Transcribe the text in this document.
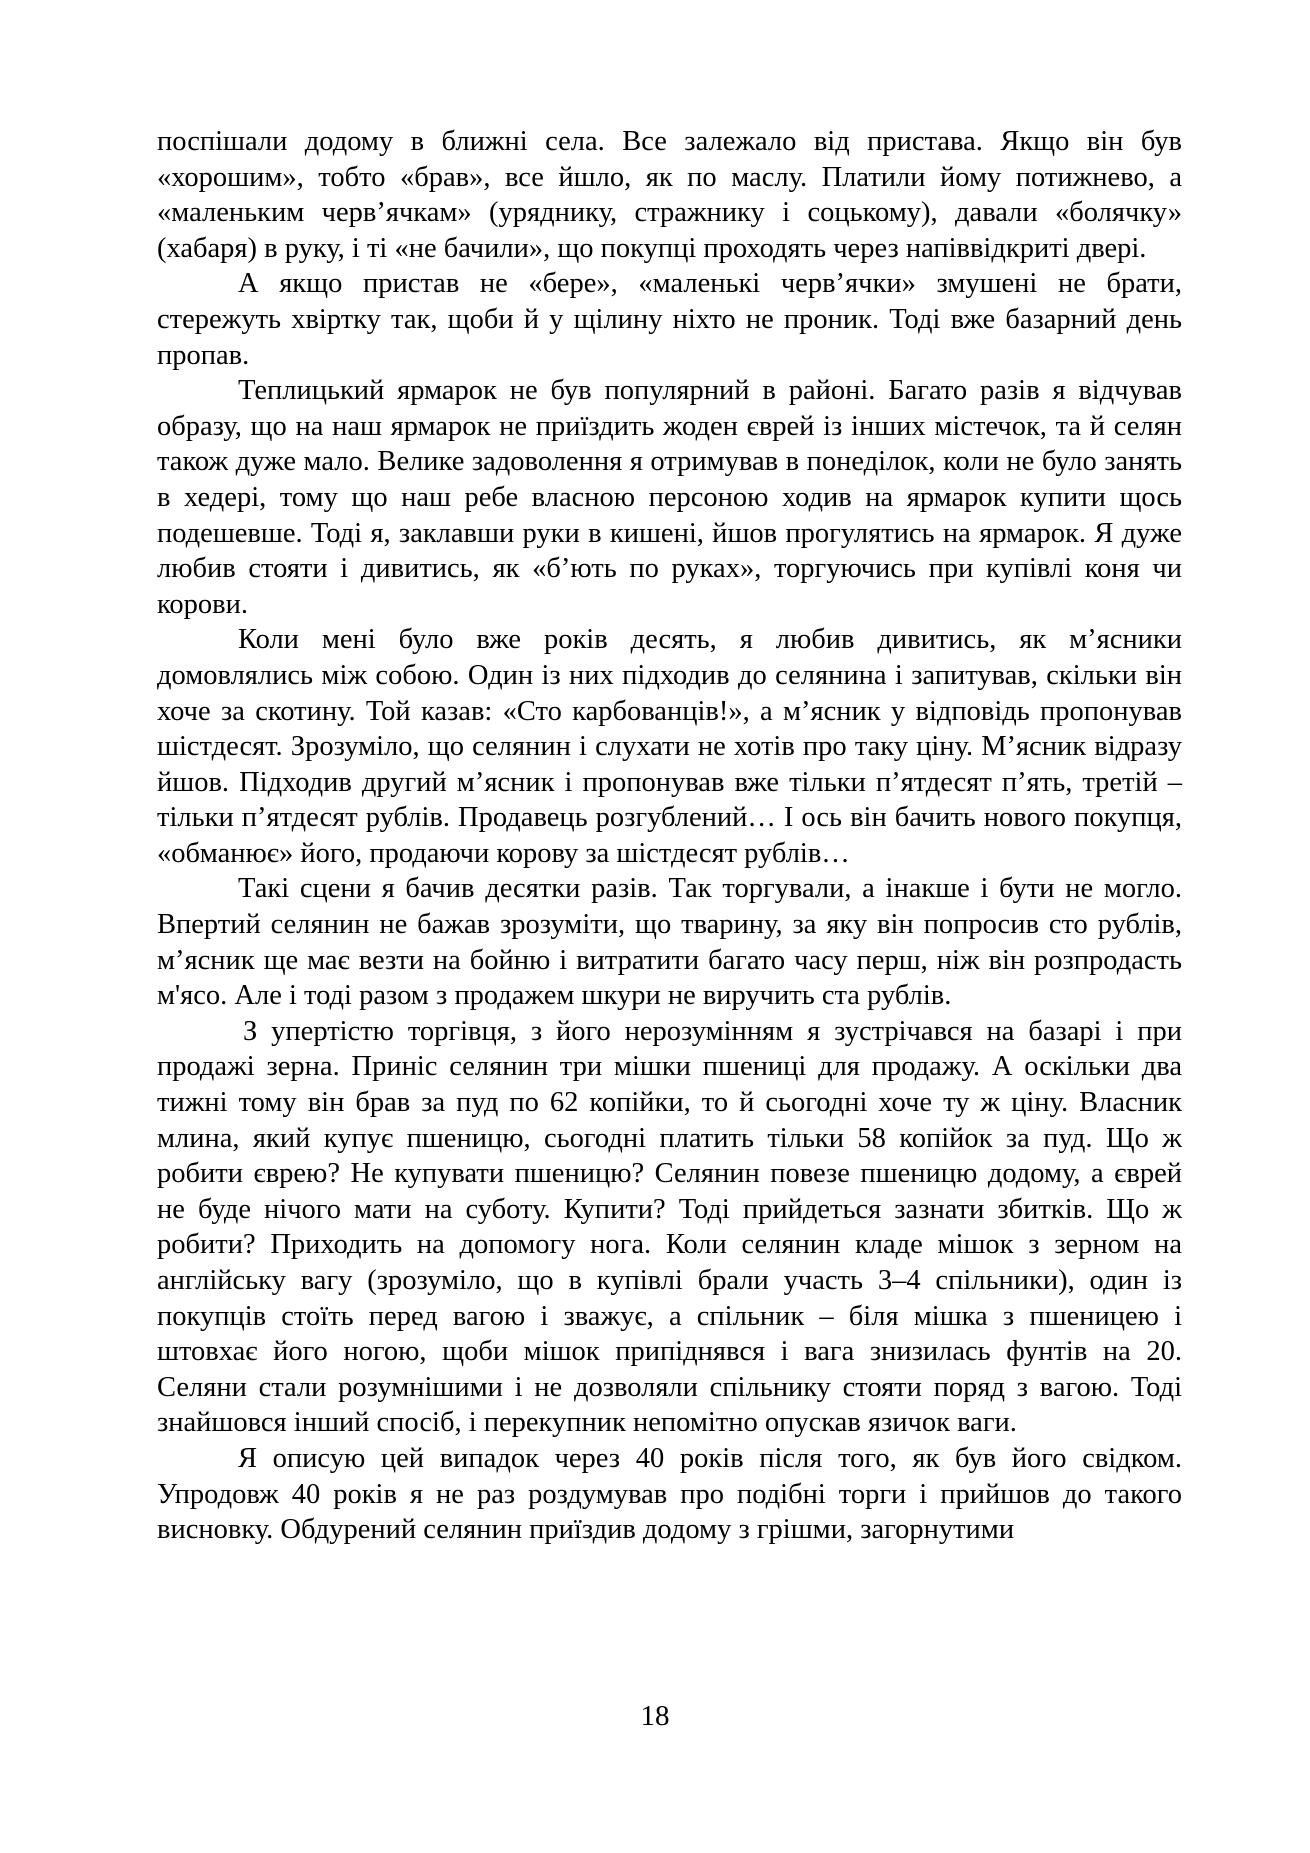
поспішали додому в ближні села. Все залежало від пристава. Якщо він був «хорошим», тобто «брав», все йшло, як по маслу. Платили йому потижнево, а «маленьким черв’ячкам» (уряднику, стражнику і соцькому), давали «болячку» (хабаря) в руку, і ті «не бачили», що покупці проходять через напіввідкриті двері.

А якщо пристав не «бере», «маленькі черв’ячки» змушені не брати, стережуть хвіртку так, щоби й у щілину ніхто не проник. Тоді вже базарний день пропав.

Теплицький ярмарок не був популярний в районі. Багато разів я відчував образу, що на наш ярмарок не приїздить жоден єврей із інших містечок, та й селян також дуже мало. Велике задоволення я отримував в понеділок, коли не було занять в хедері, тому що наш ребе власною персоною ходив на ярмарок купити щось подешевше. Тоді я, заклавши руки в кишені, йшов прогулятись на ярмарок. Я дуже любив стояти і дивитись, як «б’ють по руках», торгуючись при купівлі коня чи корови.

Коли мені було вже років десять, я любив дивитись, як м’ясники домовлялись між собою. Один із них підходив до селянина і запитував, скільки він хоче за скотину. Той казав: «Сто карбованців!», а м’ясник у відповідь пропонував шістдесят. Зрозуміло, що селянин і слухати не хотів про таку ціну. М’ясник відразу йшов. Підходив другий м’ясник і пропонував вже тільки п’ятдесят п’ять, третій – тільки п’ятдесят рублів. Продавець розгублений… І ось він бачить нового покупця, «обманює» його, продаючи корову за шістдесят рублів…

Такі сцени я бачив десятки разів. Так торгували, а інакше і бути не могло. Впертий селянин не бажав зрозуміти, що тварину, за яку він попросив сто рублів, м’ясник ще має везти на бойню і витратити багато часу перш, ніж він розпродасть м'ясо. Але і тоді разом з продажем шкури не виручить ста рублів.

З упертістю торгівця, з його нерозумінням я зустрічався на базарі і при продажі зерна. Приніс селянин три мішки пшениці для продажу. А оскільки два тижні тому він брав за пуд по 62 копійки, то й сьогодні хоче ту ж ціну. Власник млина, який купує пшеницю, сьогодні платить тільки 58 копійок за пуд. Що ж робити єврею? Не купувати пшеницю? Селянин повезе пшеницю додому, а єврей не буде нічого мати на суботу. Купити? Тоді прийдеться зазнати збитків. Що ж робити? Приходить на допомогу нога. Коли селянин кладе мішок з зерном на англійську вагу (зрозуміло, що в купівлі брали участь 3–4 спільники), один із покупців стоїть перед вагою і зважує, а спільник – біля мішка з пшеницею і штовхає його ногою, щоби мішок припіднявся і вага знизилась фунтів на 20. Селяни стали розумнішими і не дозволяли спільнику стояти поряд з вагою. Тоді знайшовся інший спосіб, і перекупник непомітно опускав язичок ваги.

Я описую цей випадок через 40 років після того, як був його свідком. Упродовж 40 років я не раз роздумував про подібні торги і прийшов до такого висновку. Обдурений селянин приїздив додому з грішми, загорнутими

18
